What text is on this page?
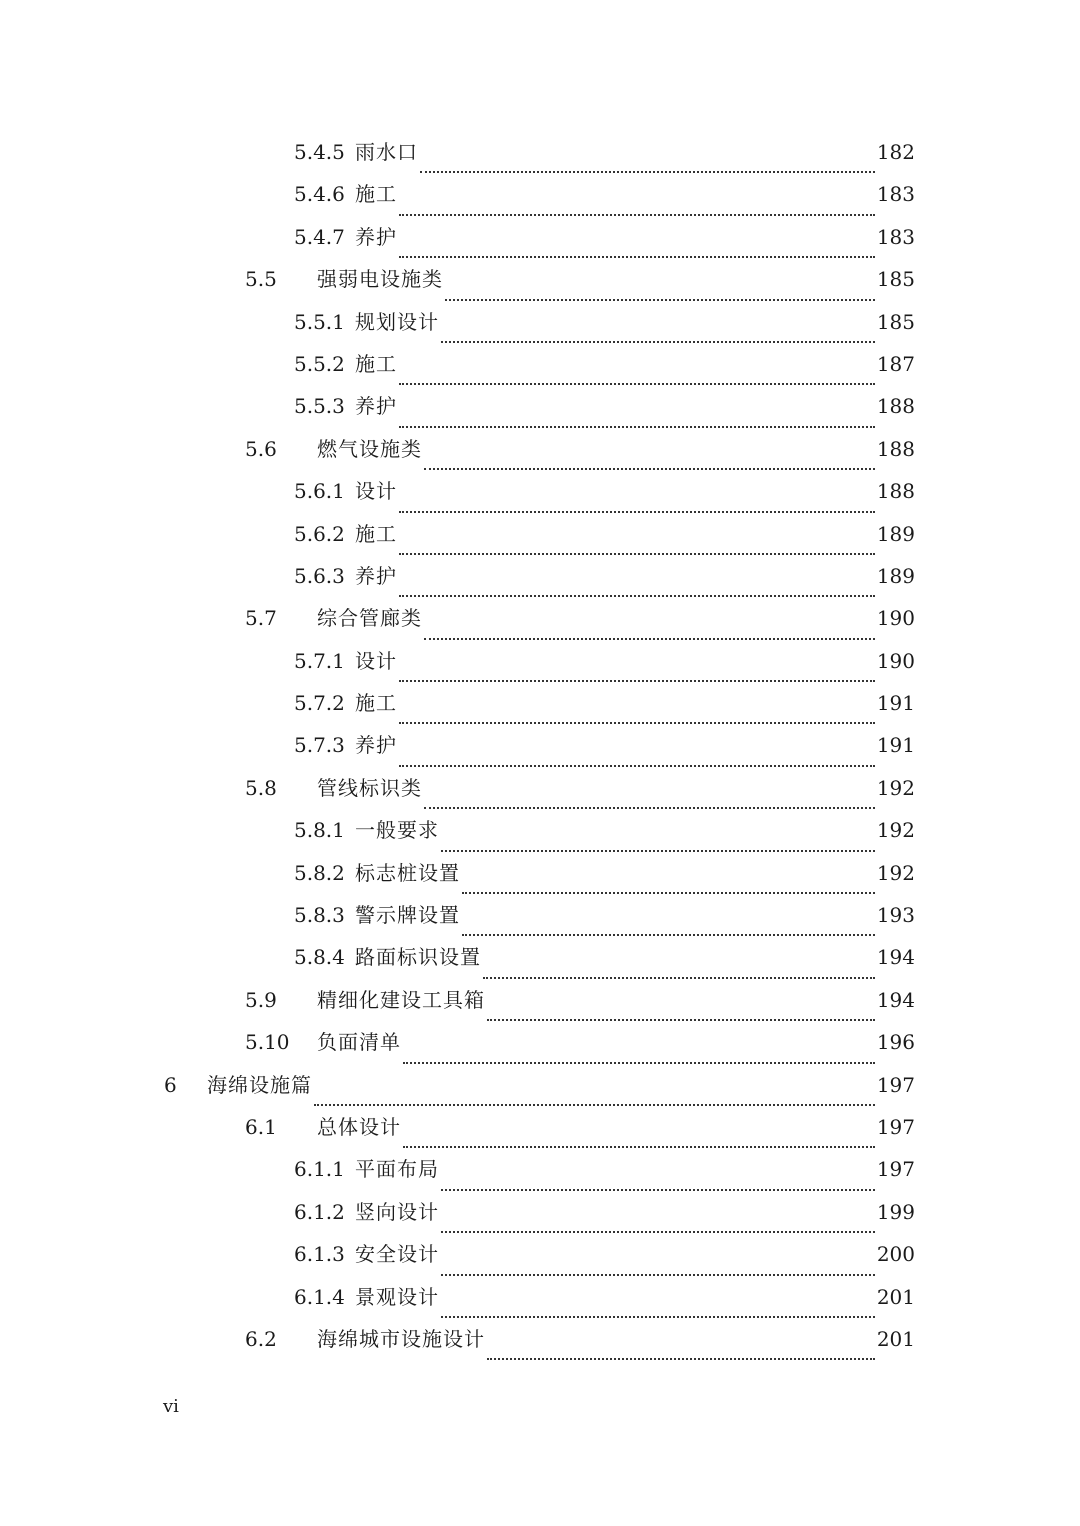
5.4.5 雨水口	182
5.4.6 施工	183
5.4.7 养护	183
5.5 强弱电设施类	185
5.5.1 规划设计	185
5.5.2 施工	187
5.5.3 养护	188
5.6 燃气设施类	188
5.6.1 设计	188
5.6.2 施工	189
5.6.3 养护	189
5.7 综合管廊类	190
5.7.1 设计	190
5.7.2 施工	191
5.7.3 养护	191
5.8 管线标识类	192
5.8.1 一般要求	192
5.8.2 标志桩设置	192
5.8.3 警示牌设置	193
5.8.4 路面标识设置	194
5.9 精细化建设工具箱	194
5.10 负面清单	196
6 海绵设施篇	197
6.1 总体设计	197
6.1.1 平面布局	197
6.1.2 竖向设计	199
6.1.3 安全设计	200
6.1.4 景观设计	201
6.2 海绵城市设施设计	201
vi
